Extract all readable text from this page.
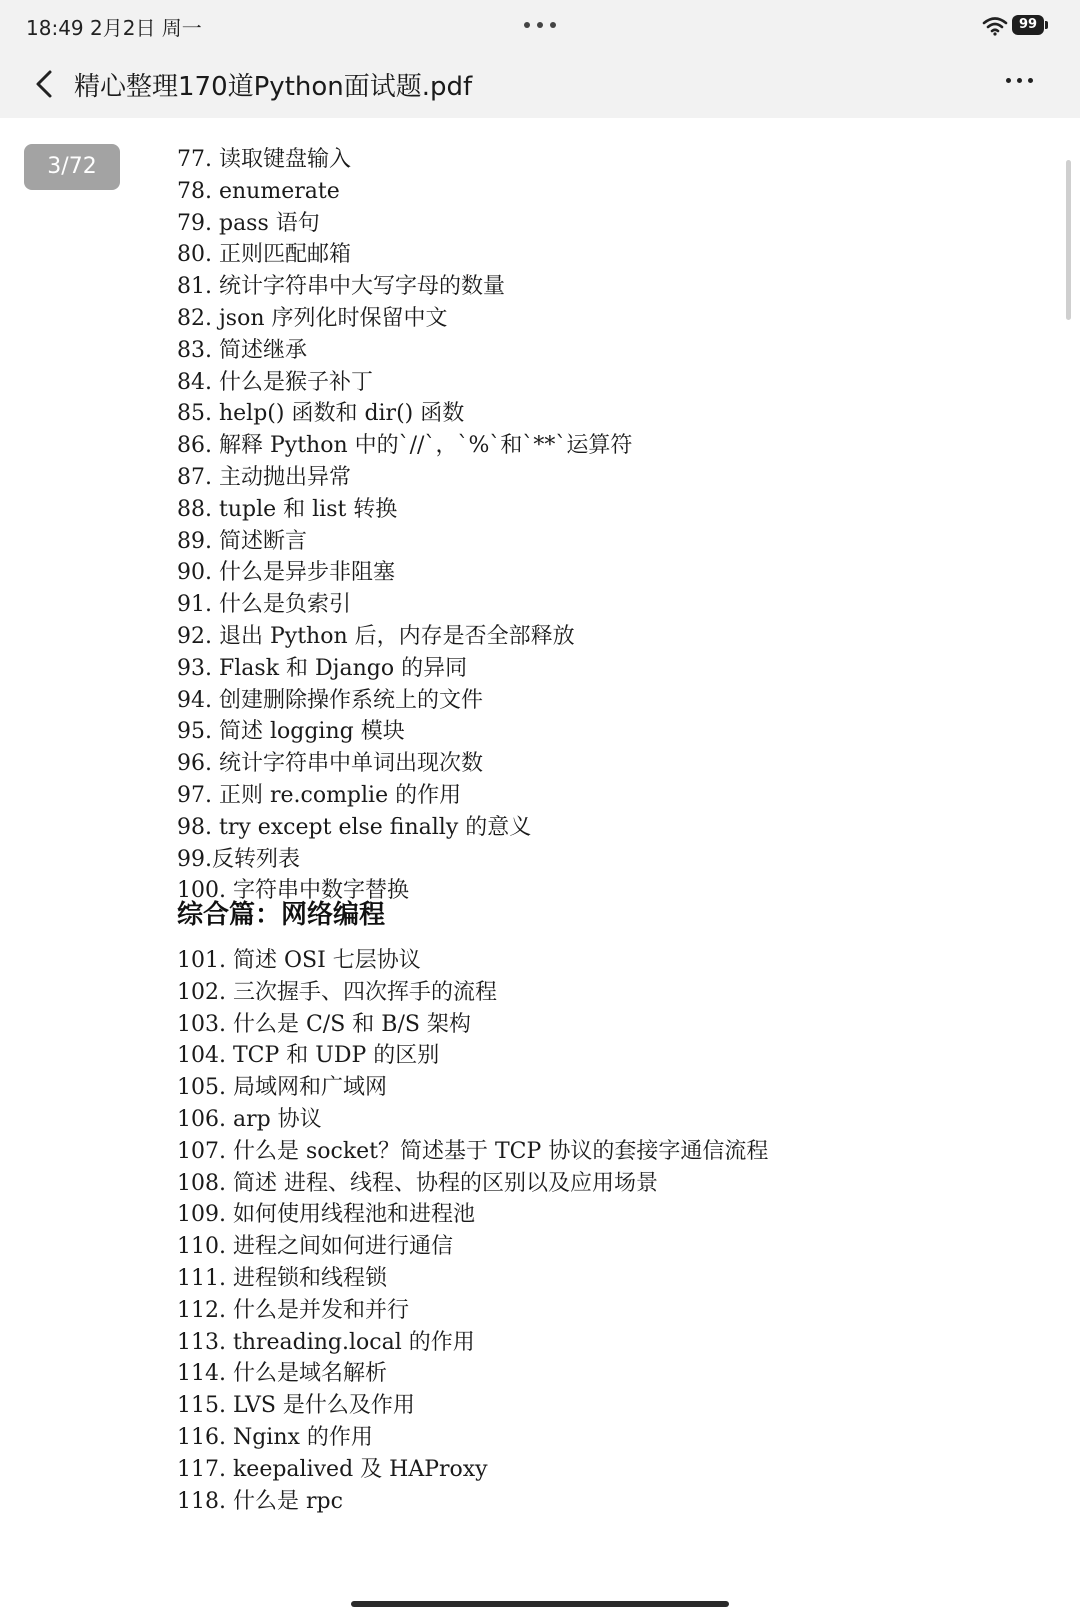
18:49 2月2日 周一	99
精心整理170道Python面试题.pdf
3/72	77. 读取键盘输入
78. enumerate
79. pass 语句
80. 正则匹配邮箱
81. 统计字符串中大写字母的数量
82. json 序列化时保留中文
83. 简述继承
84. 什么是猴子补丁
85. help() 函数和 dir() 函数
86. 解释 Python 中的`//`，`%`和`**`运算符
87. 主动抛出异常
88. tuple 和 list 转换
89. 简述断言
90. 什么是异步非阻塞
91. 什么是负索引
92. 退出 Python 后，内存是否全部释放
93. Flask 和 Django 的异同
94. 创建删除操作系统上的文件
95. 简述 logging 模块
96. 统计字符串中单词出现次数
97. 正则 re.complie 的作用
98. try except else finally 的意义
99.反转列表
100. 字符串中数字替换
综合篇：网络编程
101. 简述 OSI 七层协议
102. 三次握手、四次挥手的流程
103. 什么是 C/S 和 B/S 架构
104. TCP 和 UDP 的区别
105. 局域网和广域网
106. arp 协议
107. 什么是 socket？简述基于 TCP 协议的套接字通信流程
108. 简述 进程、线程、协程的区别以及应用场景
109. 如何使用线程池和进程池
110. 进程之间如何进行通信
111. 进程锁和线程锁
112. 什么是并发和并行
113. threading.local 的作用
114. 什么是域名解析
115. LVS 是什么及作用
116. Nginx 的作用
117. keepalived 及 HAProxy
118. 什么是 rpc
